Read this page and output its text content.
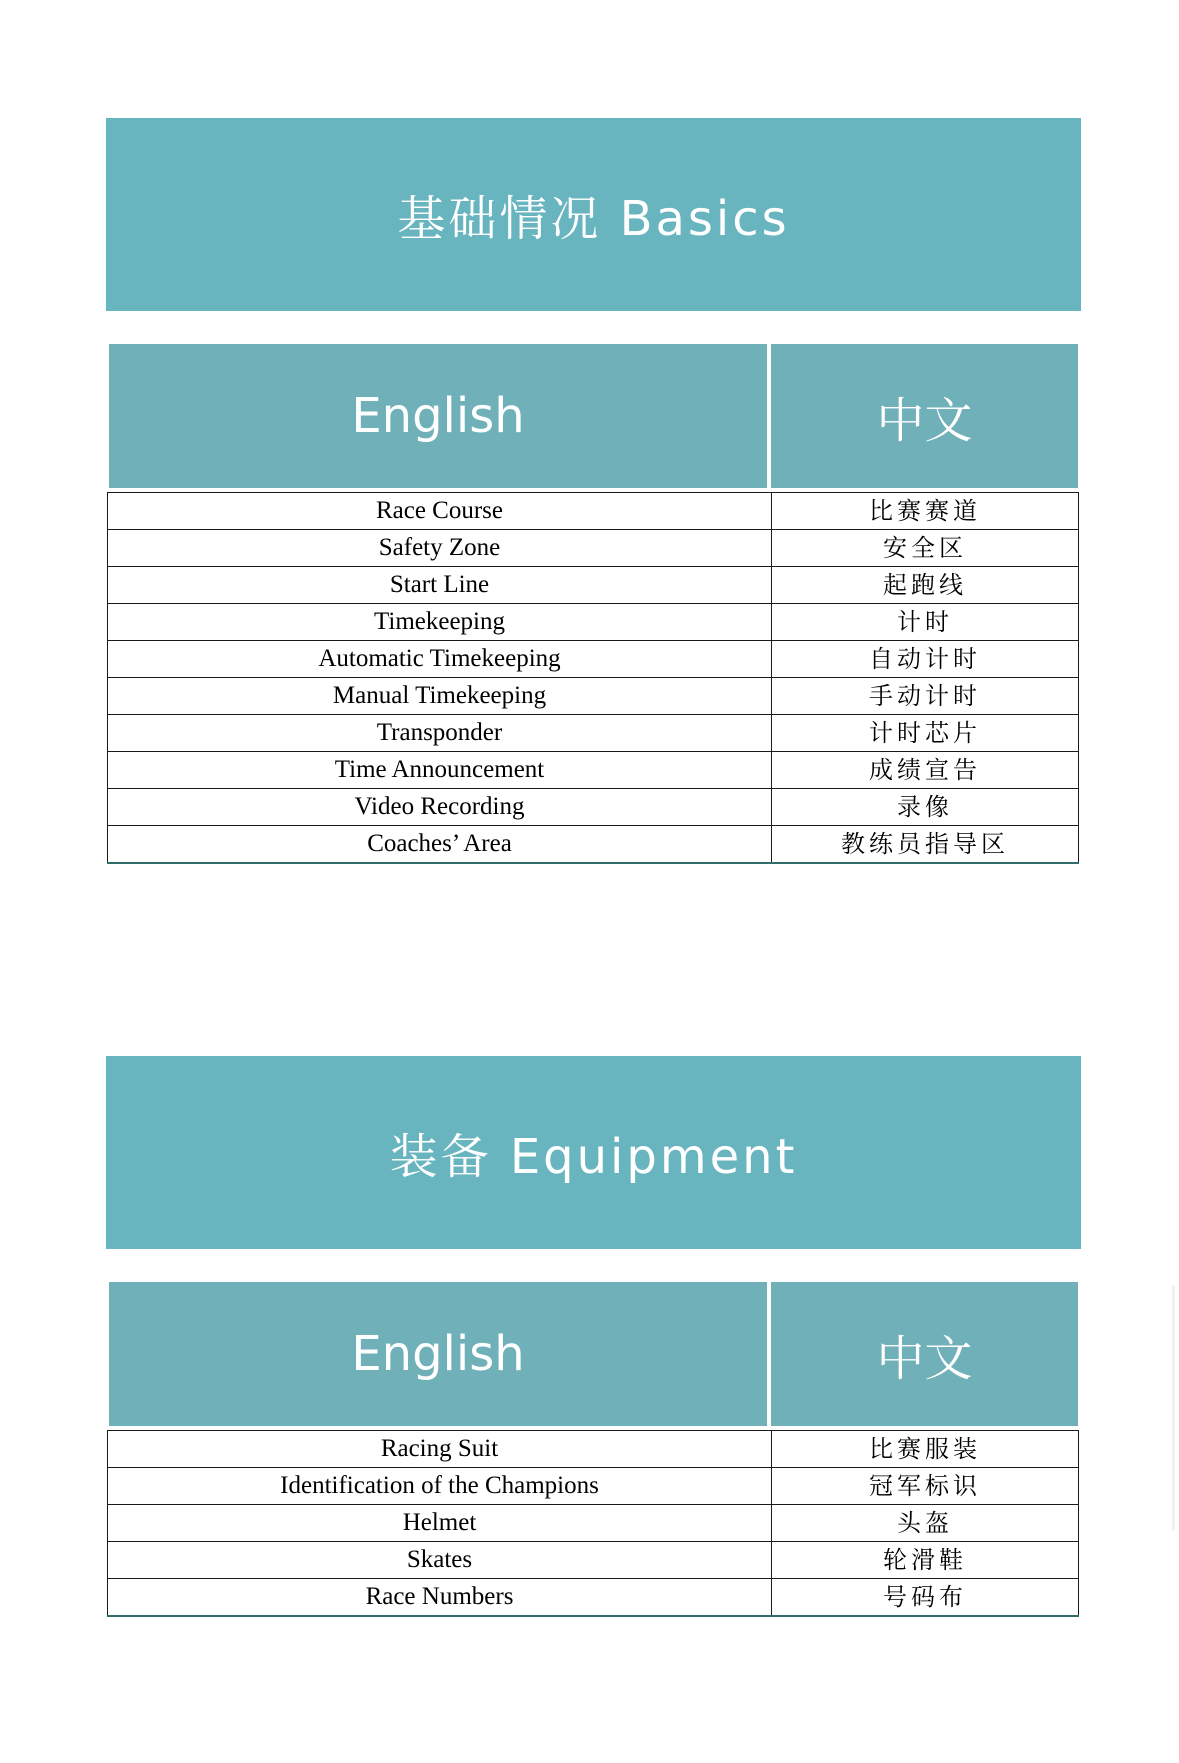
基础情况 Basics
English	中文
Race Course	比赛赛道
Safety Zone	安全区
Start Line	起跑线
Timekeeping	计时
Automatic Timekeeping	自动计时
Manual Timekeeping	手动计时
Transponder	计时芯片
Time Announcement	成绩宣告
Video Recording	录像
Coaches’ Area	教练员指导区
装备 Equipment
English	中文
Racing Suit	比赛服装
Identification of the Champions	冠军标识
Helmet	头盔
Skates	轮滑鞋
Race Numbers	号码布
